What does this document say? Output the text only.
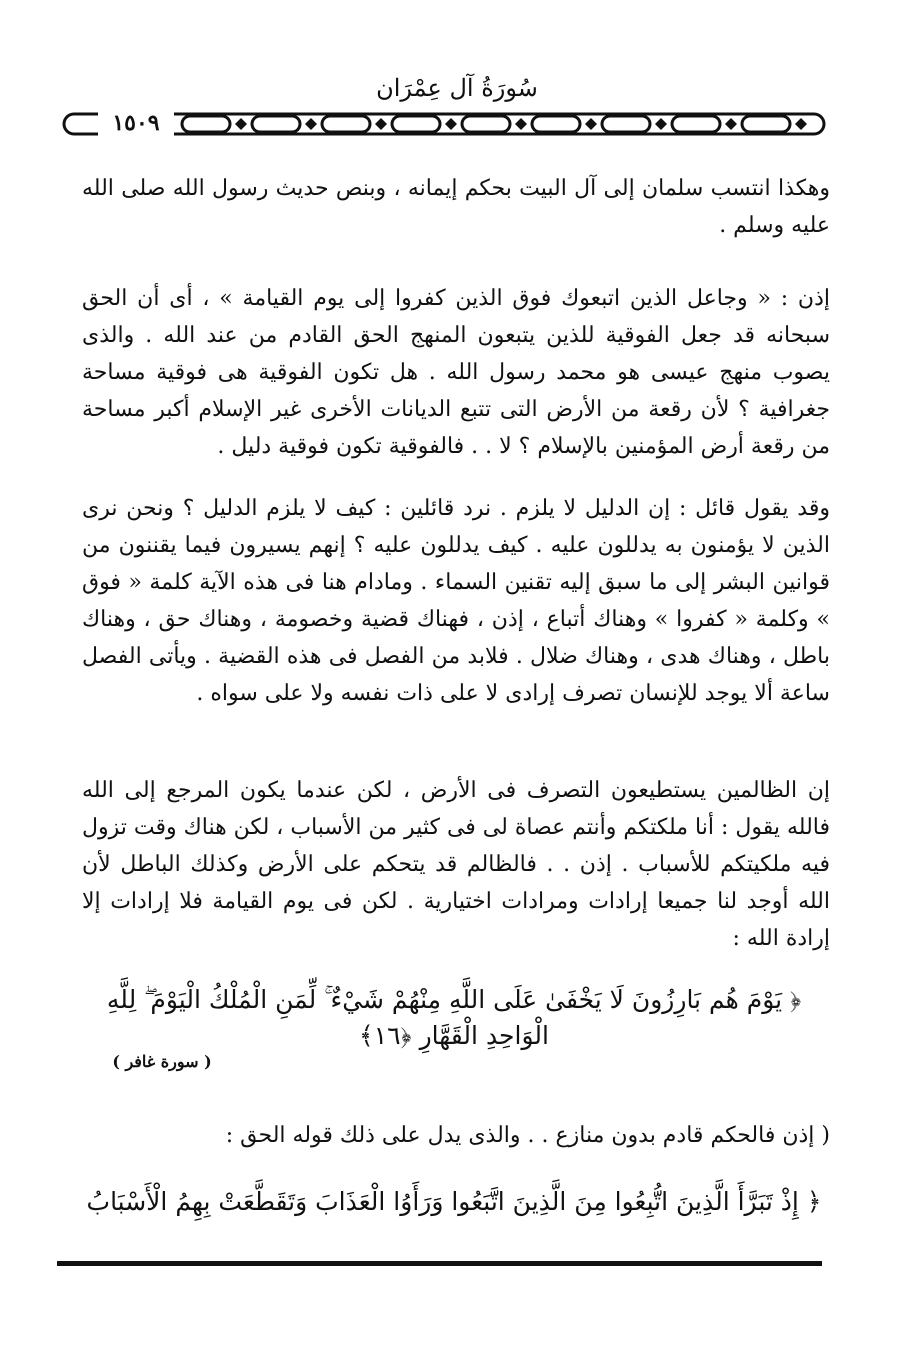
سُورَةُ آل عِمْرَان
١٥٠٩

وهكذا انتسب سلمان إلى آل البيت بحكم إيمانه ، وبنص حديث رسول الله صلى الله عليه وسلم .

إذن : « وجاعل الذين اتبعوك فوق الذين كفروا إلى يوم القيامة » ، أى أن الحق سبحانه قد جعل الفوقية للذين يتبعون المنهج الحق القادم من عند الله . والذى يصوب منهج عيسى هو محمد رسول الله . هل تكون الفوقية هى فوقية مساحة جغرافية ؟ لأن رقعة من الأرض التى تتبع الديانات الأخرى غير الإسلام أكبر مساحة من رقعة أرض المؤمنين بالإسلام ؟ لا . . فالفوقية تكون فوقية دليل .

وقد يقول قائل : إن الدليل لا يلزم . نرد قائلين : كيف لا يلزم الدليل ؟ ونحن نرى الذين لا يؤمنون به يدللون عليه . كيف يدللون عليه ؟ إنهم يسيرون فيما يقننون من قوانين البشر إلى ما سبق إليه تقنين السماء . ومادام هنا فى هذه الآية كلمة « فوق » وكلمة « كفروا » وهناك أتباع ، إذن ، فهناك قضية وخصومة ، وهناك حق ، وهناك باطل ، وهناك هدى ، وهناك ضلال . فلابد من الفصل فى هذه القضية . ويأتى الفصل ساعة ألا يوجد للإنسان تصرف إرادى لا على ذات نفسه ولا على سواه .

إن الظالمين يستطيعون التصرف فى الأرض ، لكن عندما يكون المرجع إلى الله فالله يقول : أنا ملكتكم وأنتم عصاة لى فى كثير من الأسباب ، لكن هناك وقت تزول فيه ملكيتكم للأسباب . إذن . . فالظالم قد يتحكم على الأرض وكذلك الباطل لأن الله أوجد لنا جميعا إرادات ومرادات اختيارية . لكن فى يوم القيامة فلا إرادات إلا إرادة الله :

﴿ يَوْمَ هُم بَارِزُونَ لَا يَخْفَىٰ عَلَى اللَّهِ مِنْهُمْ شَيْءٌ ۚ لِّمَنِ الْمُلْكُ الْيَوْمَ ۖ لِلَّهِ الْوَاحِدِ الْقَهَّارِ ﴿١٦﴾
( سورة غافر )
( إذن فالحكم قادم بدون منازع . . والذى يدل على ذلك قوله الحق :
﴿ إِذْ تَبَرَّأَ الَّذِينَ اتُّبِعُوا مِنَ الَّذِينَ اتَّبَعُوا وَرَأَوُا الْعَذَابَ وَتَقَطَّعَتْ بِهِمُ الْأَسْبَابُ
